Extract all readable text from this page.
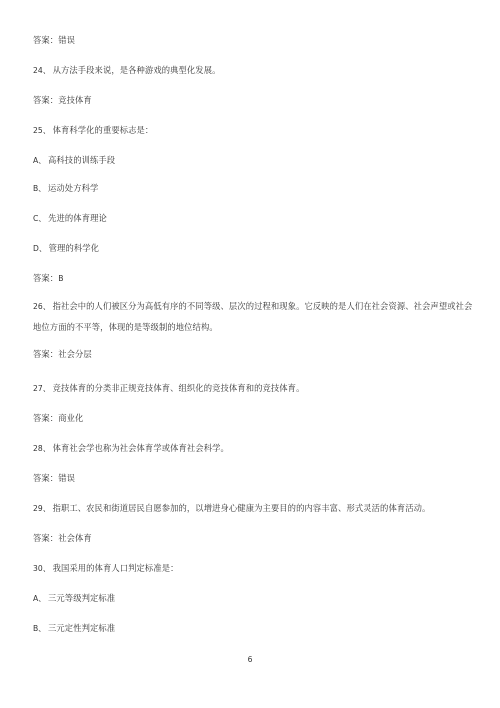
答案：错误
24、 从方法手段来说，是各种游戏的典型化发展。
答案：竞技体育
25、 体育科学化的重要标志是：
A、 高科技的训练手段
B、 运动处方科学
C、 先进的体育理论
D、 管理的科学化
答案：B
26、 指社会中的人们被区分为高低有序的不同等级、层次的过程和现象。它反映的是人们在社会资源、社会声望或社会地位方面的不平等，体现的是等级制的地位结构。
答案：社会分层
27、 竞技体育的分类非正规竞技体育、组织化的竞技体育和的竞技体育。
答案：商业化
28、 体育社会学也称为社会体育学或体育社会科学。
答案：错误
29、 指职工、农民和街道居民自愿参加的，以增进身心健康为主要目的的内容丰富、形式灵活的体育活动。
答案：社会体育
30、 我国采用的体育人口判定标准是：
A、 三元等级判定标准
B、 三元定性判定标准
6
